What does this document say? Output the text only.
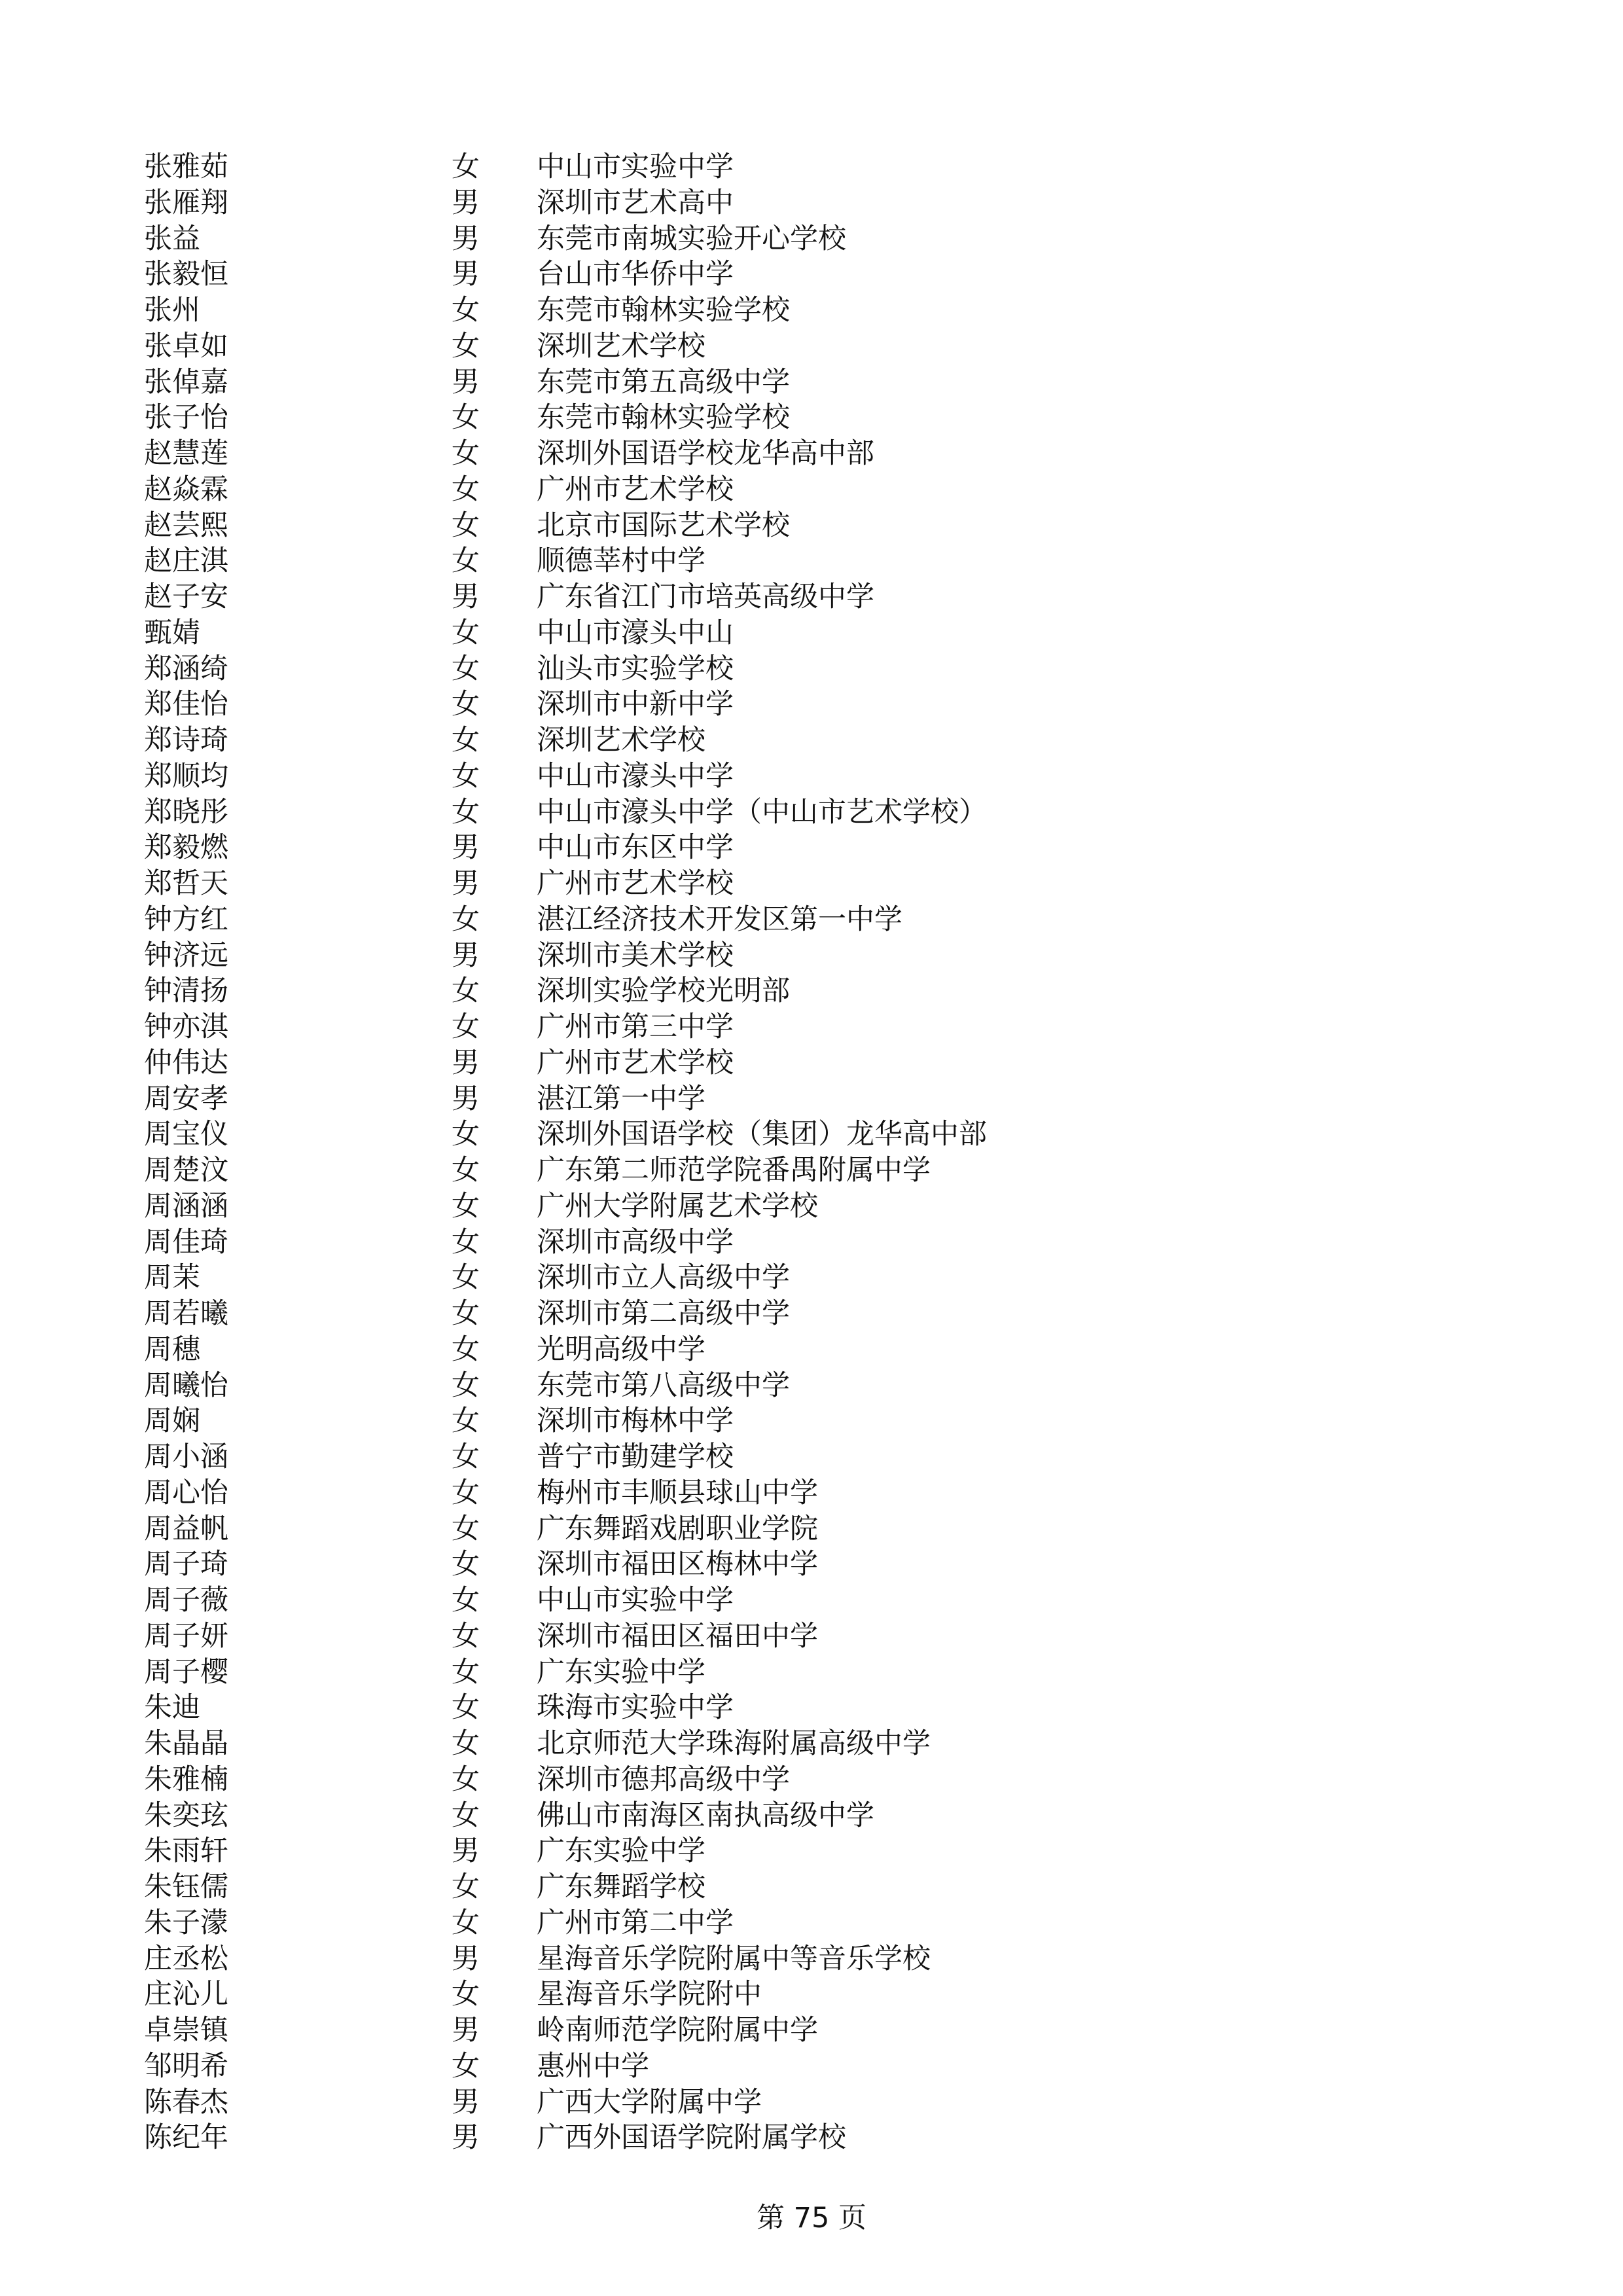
张雅茹	女 中山市实验中学
张雁翔	男 深圳市艺术高中
张益	男 东莞市南城实验开心学校
张毅恒	男 台山市华侨中学
张州	女 东莞市翰林实验学校
张卓如	女 深圳艺术学校
张倬嘉	男 东莞市第五高级中学
张子怡	女 东莞市翰林实验学校
赵慧莲	女 深圳外国语学校龙华高中部
赵焱霖	女 广州市艺术学校
赵芸熙	女 北京市国际艺术学校
赵庄淇	女 顺德莘村中学
赵子安	男 广东省江门市培英高级中学
甄婧	女 中山市濠头中山
郑涵绮	女 汕头市实验学校
郑佳怡	女 深圳市中新中学
郑诗琦	女 深圳艺术学校
郑顺均	女 中山市濠头中学
郑晓彤	女 中山市濠头中学（中山市艺术学校）
郑毅燃	男 中山市东区中学
郑哲天	男 广州市艺术学校
钟方红	女 湛江经济技术开发区第一中学
钟济远	男 深圳市美术学校
钟清扬	女 深圳实验学校光明部
钟亦淇	女 广州市第三中学
仲伟达	男 广州市艺术学校
周安孝	男 湛江第一中学
周宝仪	女 深圳外国语学校（集团）龙华高中部
周楚汶	女 广东第二师范学院番禺附属中学
周涵涵	女 广州大学附属艺术学校
周佳琦	女 深圳市高级中学
周茉	女 深圳市立人高级中学
周若曦	女 深圳市第二高级中学
周穗	女 光明高级中学
周曦怡	女 东莞市第八高级中学
周娴	女 深圳市梅林中学
周小涵	女 普宁市勤建学校
周心怡	女 梅州市丰顺县球山中学
周益帆	女 广东舞蹈戏剧职业学院
周子琦	女 深圳市福田区梅林中学
周子薇	女 中山市实验中学
周子妍	女 深圳市福田区福田中学
周子樱	女 广东实验中学
朱迪	女 珠海市实验中学
朱晶晶	女 北京师范大学珠海附属高级中学
朱雅楠	女 深圳市德邦高级中学
朱奕玹	女 佛山市南海区南执高级中学
朱雨轩	男 广东实验中学
朱钰儒	女 广东舞蹈学校
朱子濛	女 广州市第二中学
庄丞松	男 星海音乐学院附属中等音乐学校
庄沁儿	女 星海音乐学院附中
卓崇镇	男 岭南师范学院附属中学
邹明希	女 惠州中学
陈春杰	男 广西大学附属中学
陈纪年	男 广西外国语学院附属学校
第 75 页
